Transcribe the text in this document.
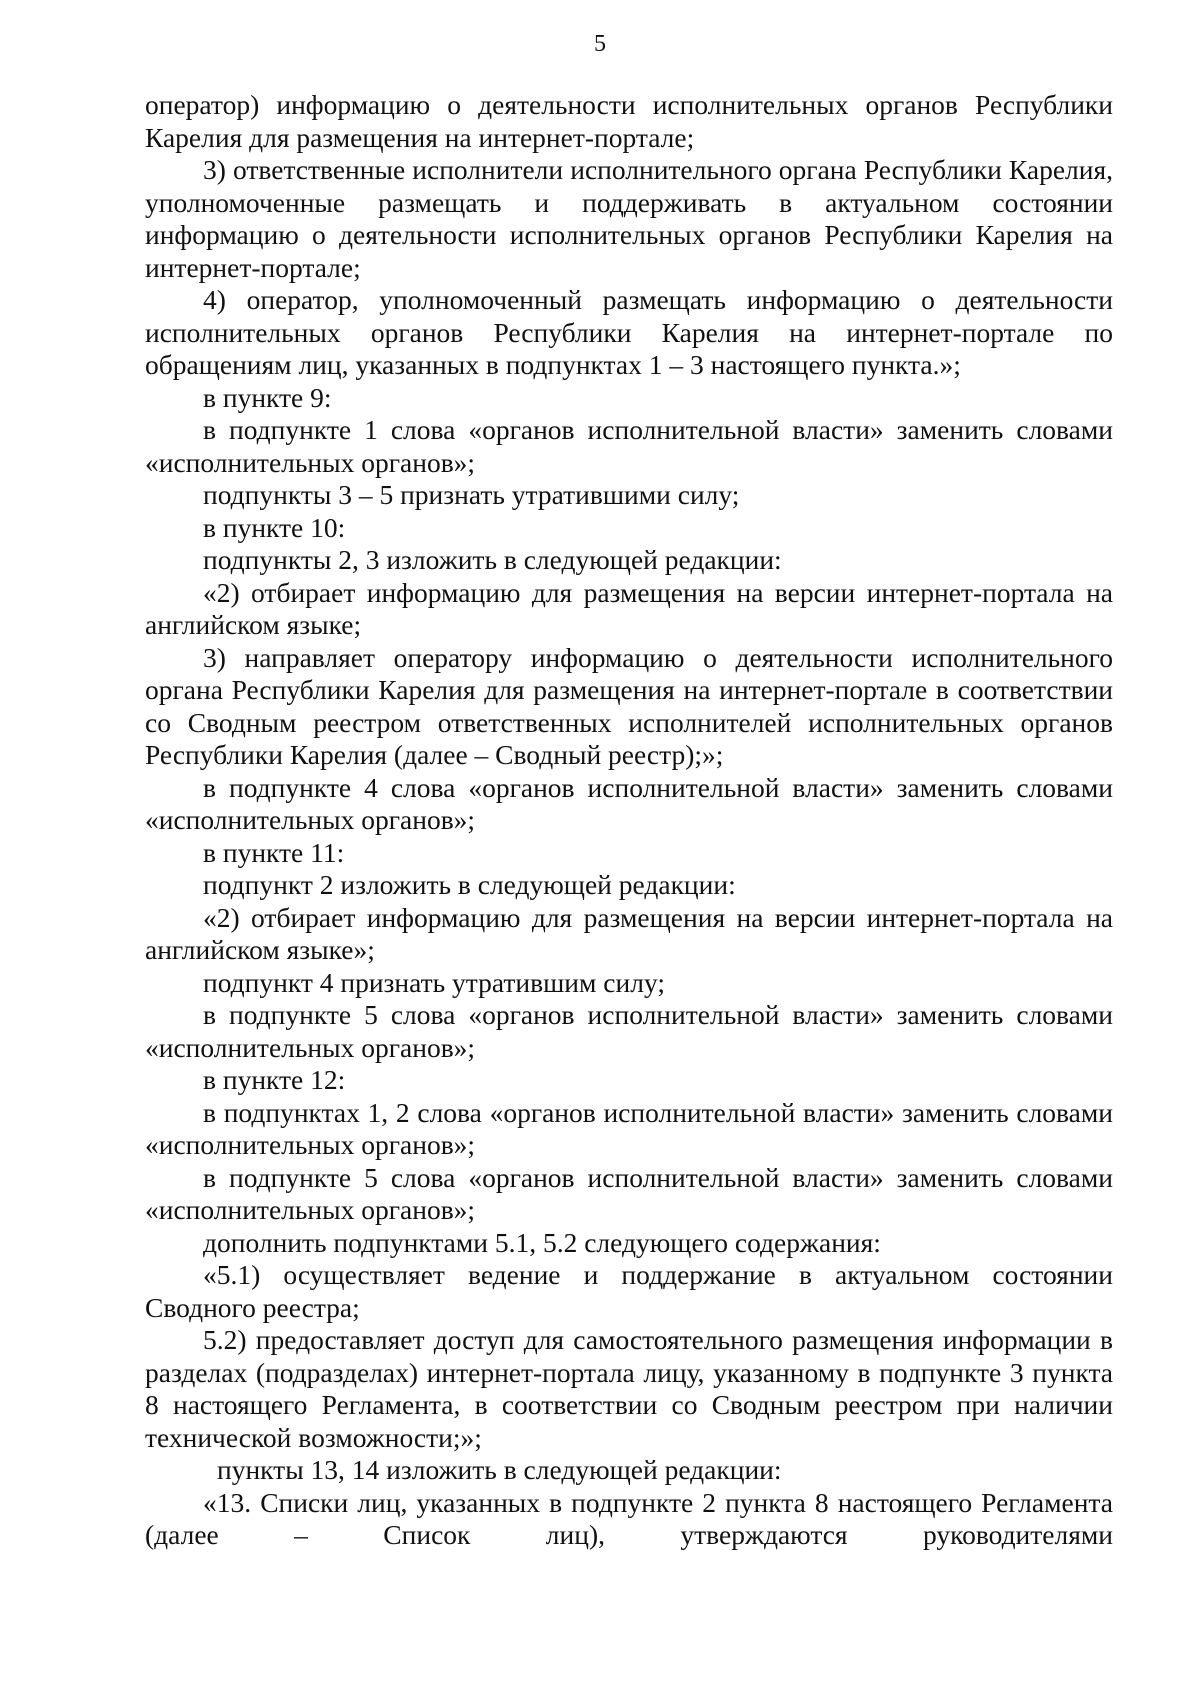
5

оператор) информацию о деятельности исполнительных органов Республики Карелия для размещения на интернет-портале;

3) ответственные исполнители исполнительного органа Республики Карелия, уполномоченные размещать и поддерживать в актуальном состоянии информацию о деятельности исполнительных органов Республики Карелия на интернет-портале;

4) оператор, уполномоченный размещать информацию о деятельности исполнительных органов Республики Карелия на интернет-портале по обращениям лиц, указанных в подпунктах 1 – 3 настоящего пункта.»;

в пункте 9:

в подпункте 1 слова «органов исполнительной власти» заменить словами «исполнительных органов»;

подпункты 3 – 5 признать утратившими силу;

в пункте 10:

подпункты 2, 3 изложить в следующей редакции:

«2) отбирает информацию для размещения на версии интернет-портала на английском языке;

3) направляет оператору информацию о деятельности исполнительного органа Республики Карелия для размещения на интернет-портале в соответствии со Сводным реестром ответственных исполнителей исполнительных органов Республики Карелия (далее – Сводный реестр);»;

в подпункте 4 слова «органов исполнительной власти» заменить словами «исполнительных органов»;

в пункте 11:

подпункт 2 изложить в следующей редакции:

«2) отбирает информацию для размещения на версии интернет-портала на английском языке»;

подпункт 4 признать утратившим силу;

в подпункте 5 слова «органов исполнительной власти» заменить словами «исполнительных органов»;

в пункте 12:

в подпунктах 1, 2 слова «органов исполнительной власти» заменить словами «исполнительных органов»;

в подпункте 5 слова «органов исполнительной власти» заменить словами «исполнительных органов»;

дополнить подпунктами 5.1, 5.2 следующего содержания:

«5.1) осуществляет ведение и поддержание в актуальном состоянии Сводного реестра;

5.2) предоставляет доступ для самостоятельного размещения информации в разделах (подразделах) интернет-портала лицу, указанному в подпункте 3 пункта 8 настоящего Регламента, в соответствии со Сводным реестром при наличии технической возможности;»;

пункты 13, 14 изложить в следующей редакции:

«13. Списки лиц, указанных в подпункте 2 пункта 8 настоящего Регламента (далее – Список лиц), утверждаются руководителями
